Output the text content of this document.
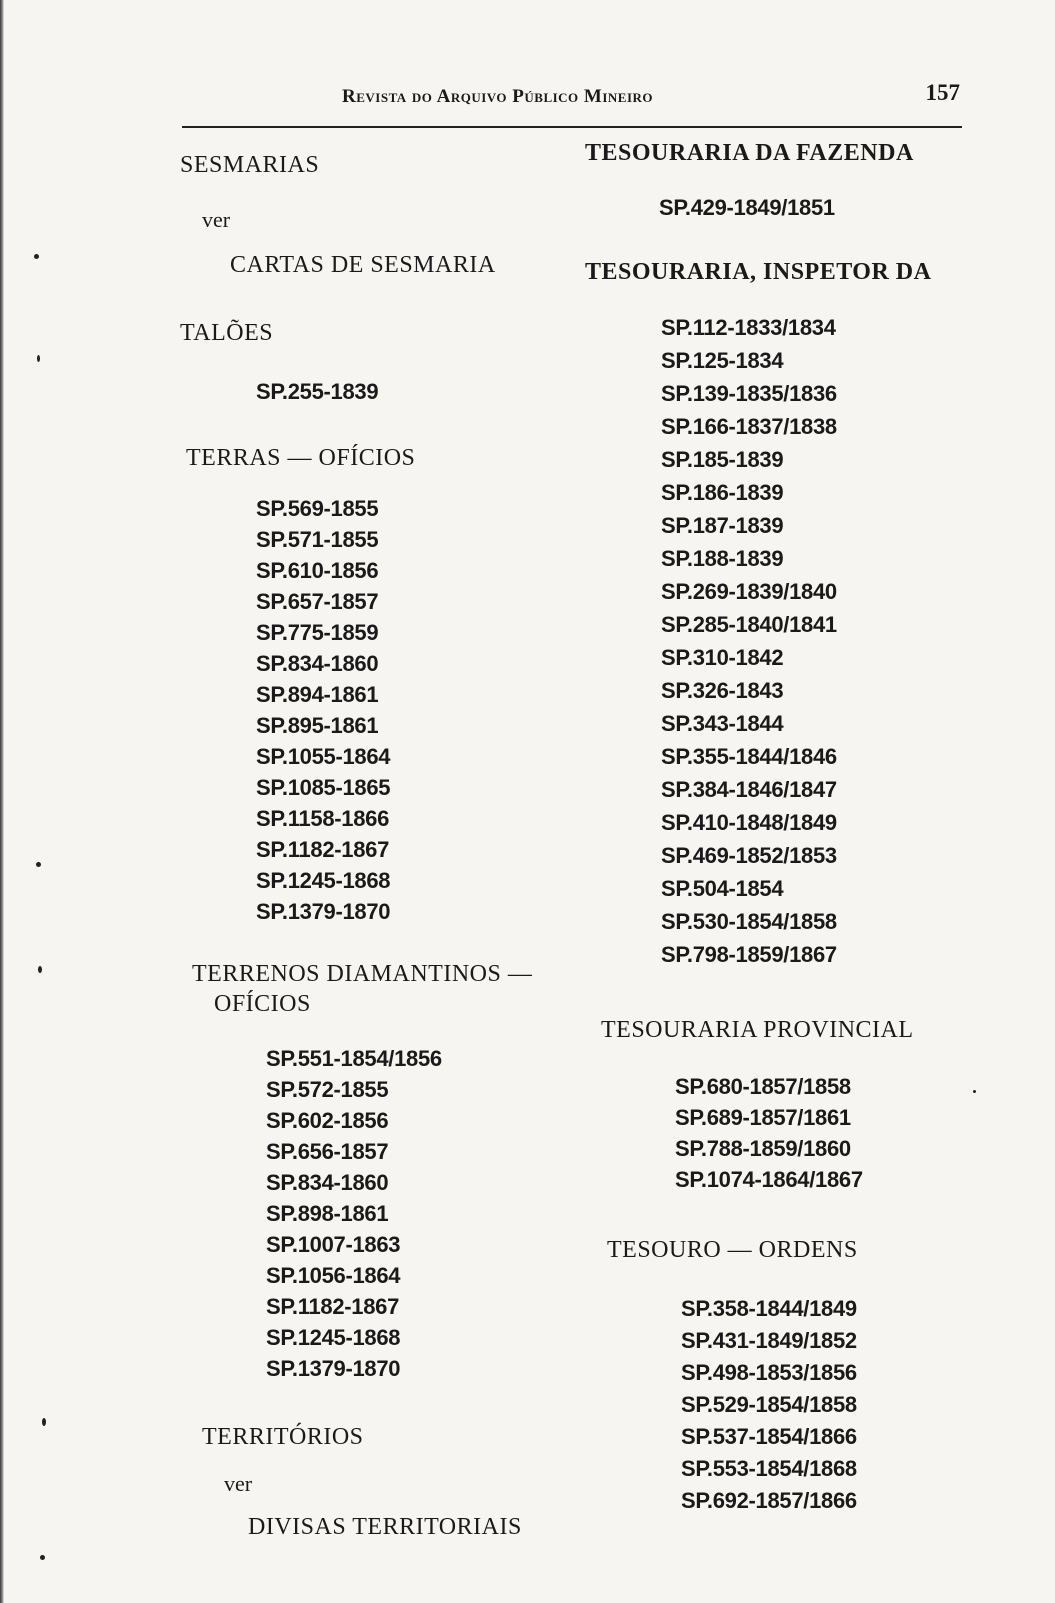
Revista do Arquivo Público Mineiro	157
SESMARIAS
ver
CARTAS DE SESMARIA
TALÕES
SP.255-1839
TERRAS — OFÍCIOS
SP.569-1855
SP.571-1855
SP.610-1856
SP.657-1857
SP.775-1859
SP.834-1860
SP.894-1861
SP.895-1861
SP.1055-1864
SP.1085-1865
SP.1158-1866
SP.1182-1867
SP.1245-1868
SP.1379-1870
TERRENOS DIAMANTINOS —
OFÍCIOS
SP.551-1854/1856
SP.572-1855
SP.602-1856
SP.656-1857
SP.834-1860
SP.898-1861
SP.1007-1863
SP.1056-1864
SP.1182-1867
SP.1245-1868
SP.1379-1870
TERRITÓRIOS
ver
DIVISAS TERRITORIAIS
TESOURARIA DA FAZENDA
SP.429-1849/1851
TESOURARIA, INSPETOR DA
SP.112-1833/1834
SP.125-1834
SP.139-1835/1836
SP.166-1837/1838
SP.185-1839
SP.186-1839
SP.187-1839
SP.188-1839
SP.269-1839/1840
SP.285-1840/1841
SP.310-1842
SP.326-1843
SP.343-1844
SP.355-1844/1846
SP.384-1846/1847
SP.410-1848/1849
SP.469-1852/1853
SP.504-1854
SP.530-1854/1858
SP.798-1859/1867
TESOURARIA PROVINCIAL
SP.680-1857/1858
SP.689-1857/1861
SP.788-1859/1860
SP.1074-1864/1867
TESOURO — ORDENS
SP.358-1844/1849
SP.431-1849/1852
SP.498-1853/1856
SP.529-1854/1858
SP.537-1854/1866
SP.553-1854/1868
SP.692-1857/1866
